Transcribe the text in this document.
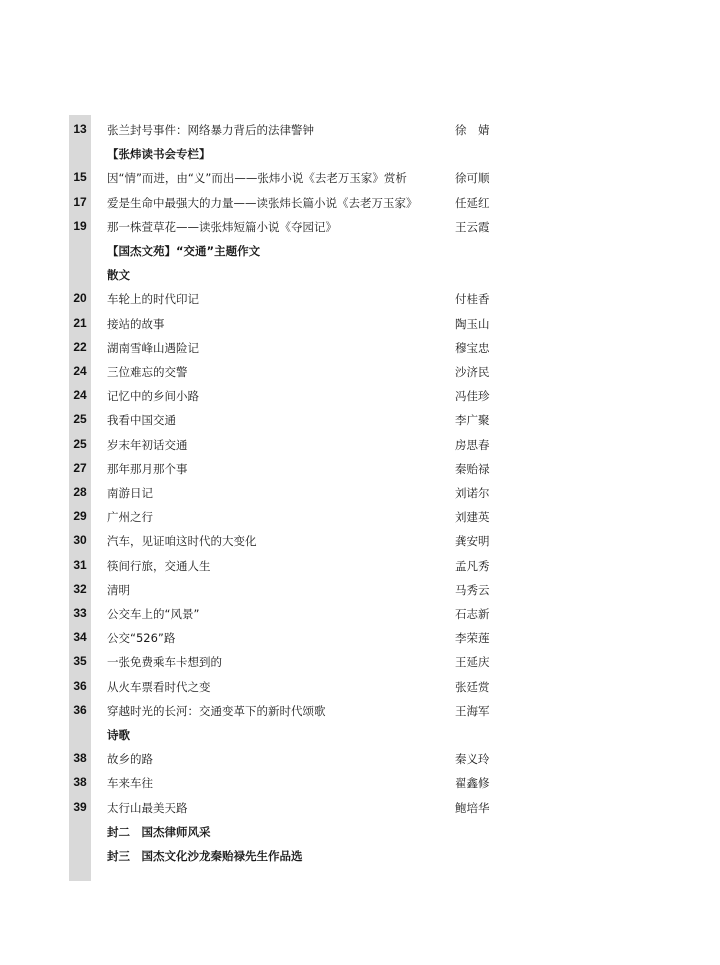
13	张兰封号事件：网络暴力背后的法律警钟	徐　婧
【张炜读书会专栏】
15	因“情”而进，由“义”而出——张炜小说《去老万玉家》赏析	徐可顺
17	爱是生命中最强大的力量——读张炜长篇小说《去老万玉家》	任延红
19	那一株萱草花——读张炜短篇小说《夺园记》	王云霞
【国杰文苑】“交通”主题作文
散文
20	车轮上的时代印记	付桂香
21	接站的故事	陶玉山
22	湖南雪峰山遇险记	穆宝忠
24	三位难忘的交警	沙济民
24	记忆中的乡间小路	冯佳珍
25	我看中国交通	李广聚
25	岁末年初话交通	房思春
27	那年那月那个事	秦贻禄
28	南游日记	刘诺尔
29	广州之行	刘建英
30	汽车，见证咱这时代的大变化	龚安明
31	筷间行旅，交通人生	孟凡秀
32	清明	马秀云
33	公交车上的“风景”	石志新
34	公交“526”路	李荣莲
35	一张免费乘车卡想到的	王延庆
36	从火车票看时代之变	张廷赏
36	穿越时光的长河：交通变革下的新时代颂歌	王海军
诗歌
38	故乡的路	秦义玲
38	车来车往	翟鑫修
39	太行山最美天路	鲍培华
封二　国杰律师风采
封三　国杰文化沙龙秦贻禄先生作品选
